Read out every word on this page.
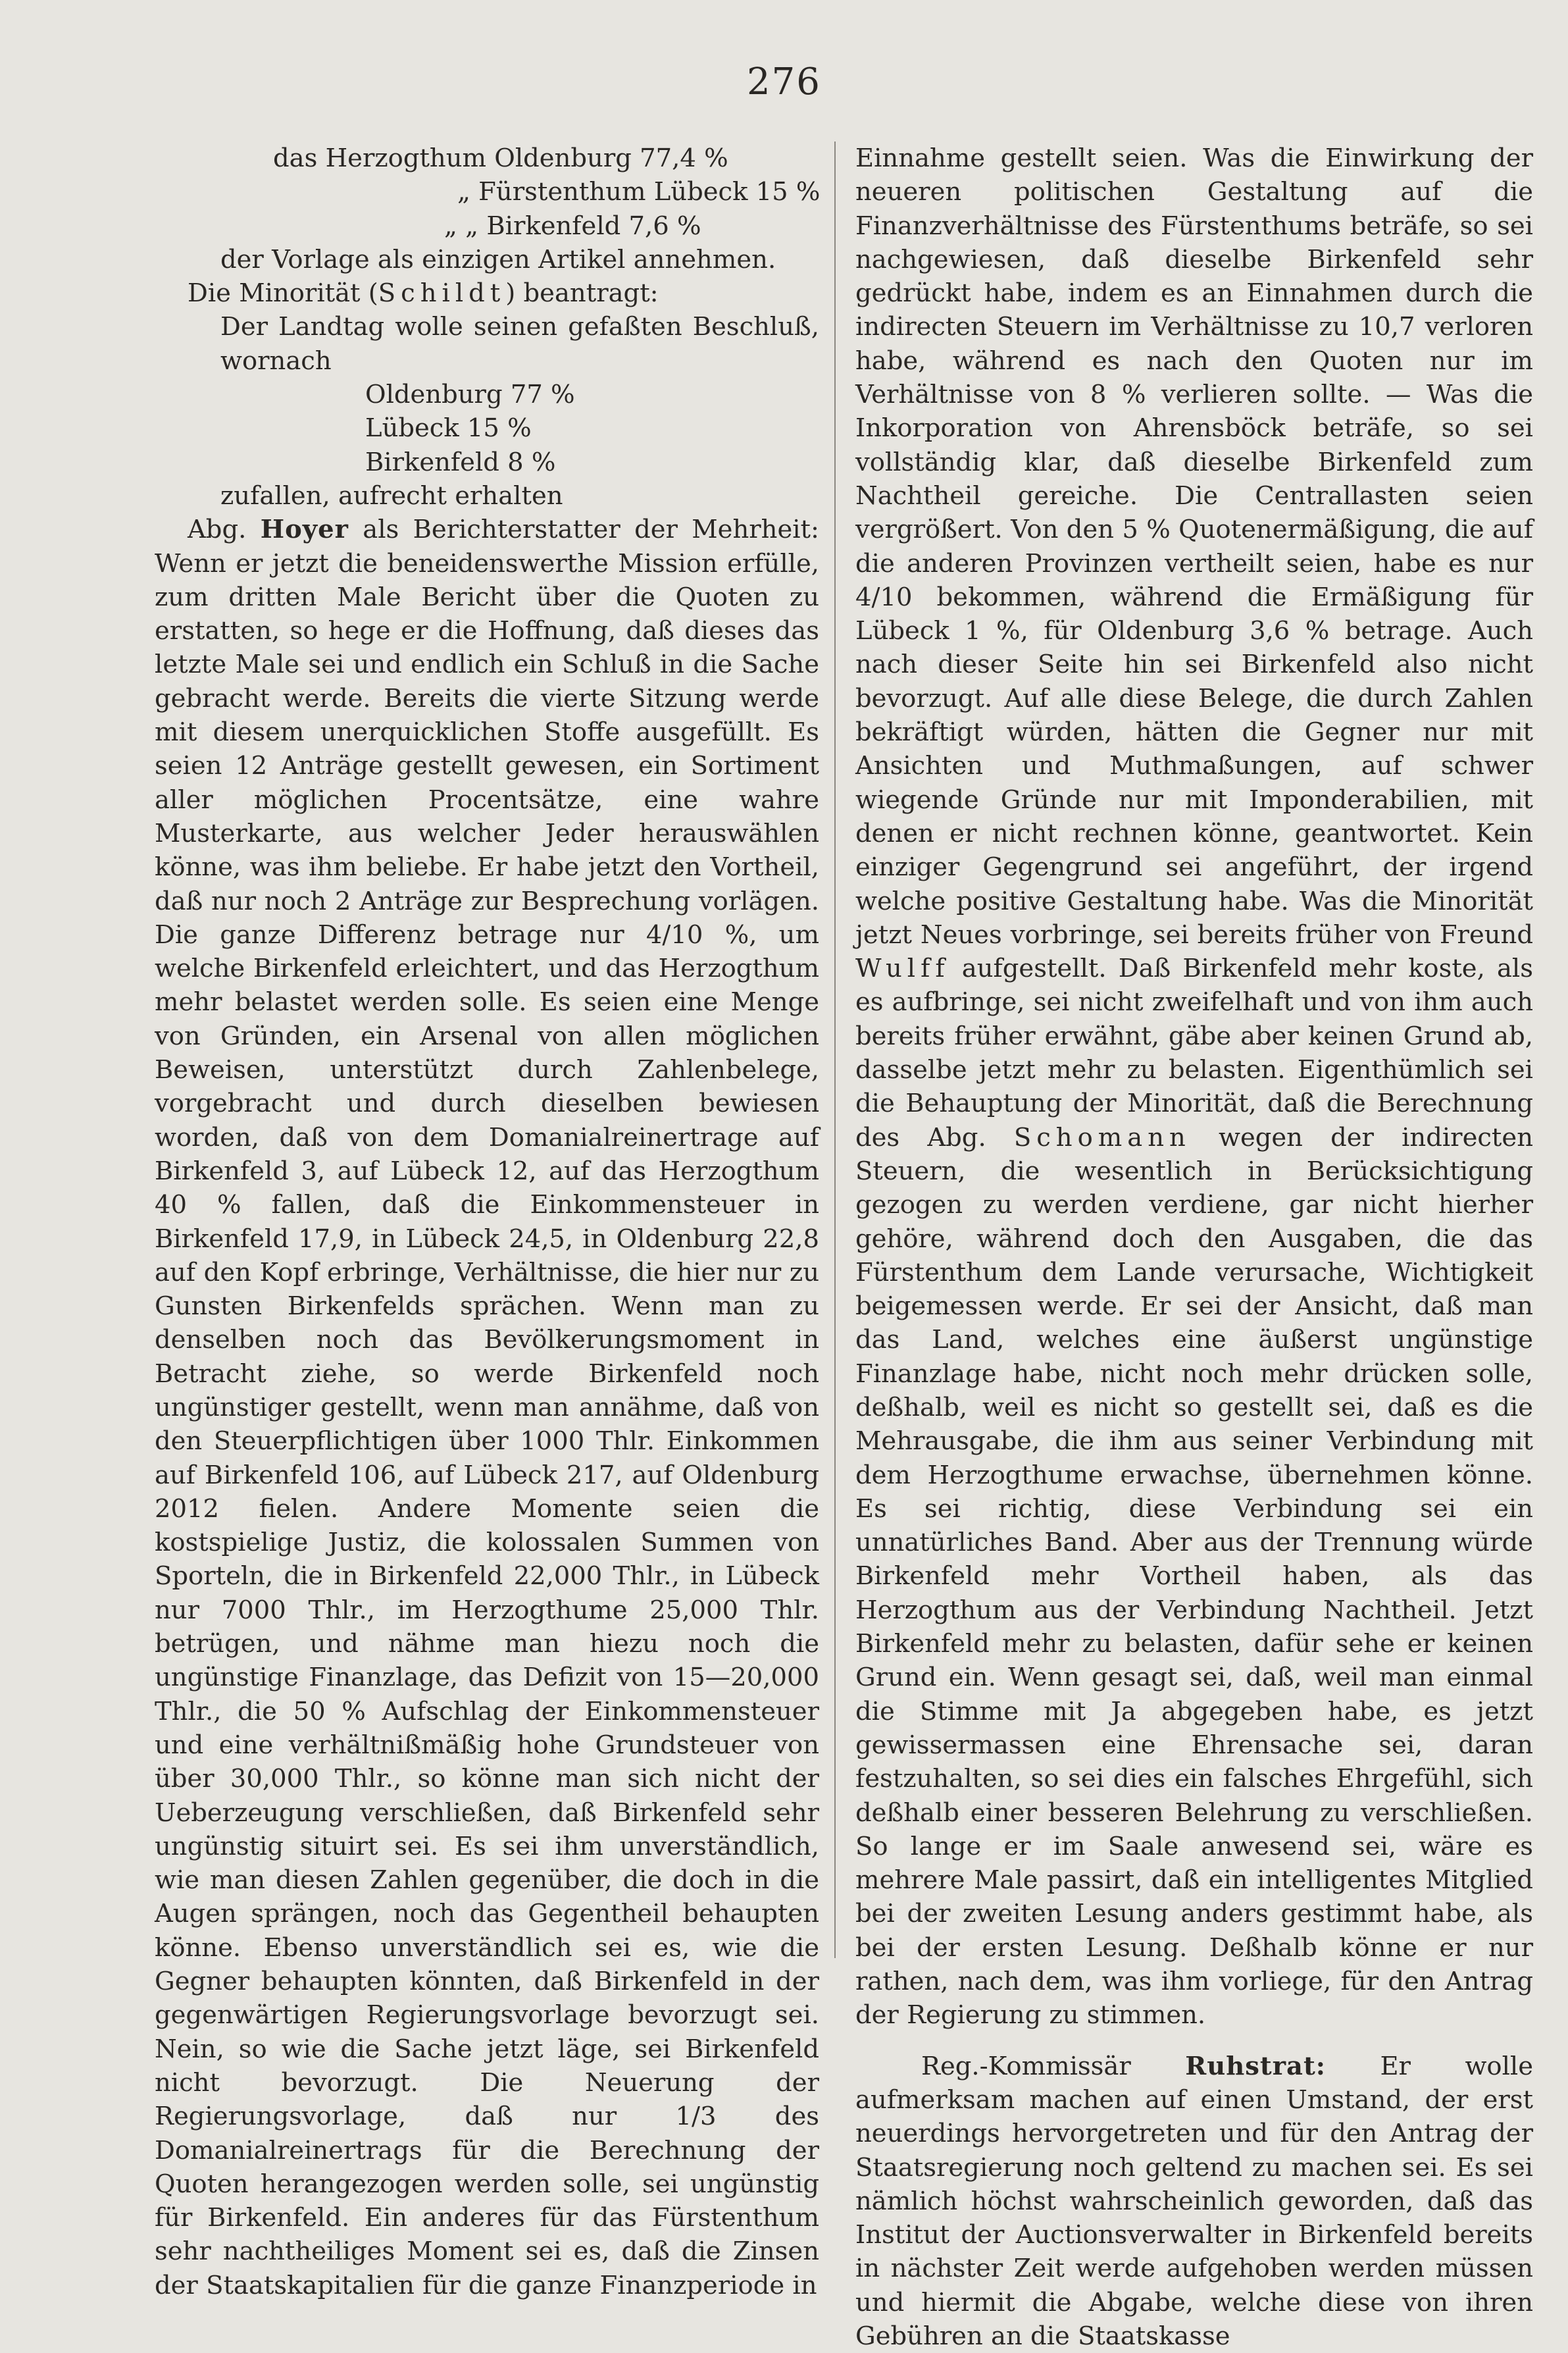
276
das Herzogthum Oldenburg 77,4 %
„ Fürstenthum Lübeck 15 %
„ „ Birkenfeld 7,6 %
der Vorlage als einzigen Artikel annehmen.
Die Minorität (Schildt) beantragt:
Der Landtag wolle seinen gefaßten Beschluß, wornach
Oldenburg 77 %
Lübeck 15 %
Birkenfeld 8 %
zufallen, aufrecht erhalten

Abg. Hoyer als Berichterstatter der Mehrheit: Wenn er jetzt die beneidenswerthe Mission erfülle, zum dritten Male Bericht über die Quoten zu erstatten, so hege er die Hoffnung, daß dieses das letzte Male sei und endlich ein Schluß in die Sache gebracht werde. Bereits die vierte Sitzung werde mit diesem unerquicklichen Stoffe ausgefüllt. Es seien 12 Anträge gestellt gewesen, ein Sortiment aller möglichen Procentsätze, eine wahre Musterkarte, aus welcher Jeder herauswählen könne, was ihm beliebe. Er habe jetzt den Vortheil, daß nur noch 2 Anträge zur Besprechung vorlägen. Die ganze Differenz betrage nur 4/10 %, um welche Birkenfeld erleichtert, und das Herzogthum mehr belastet werden solle. Es seien eine Menge von Gründen, ein Arsenal von allen möglichen Beweisen, unterstützt durch Zahlenbelege, vorgebracht und durch dieselben bewiesen worden, daß von dem Domanialreinertrage auf Birkenfeld 3, auf Lübeck 12, auf das Herzogthum 40 % fallen, daß die Einkommensteuer in Birkenfeld 17,9, in Lübeck 24,5, in Oldenburg 22,8 auf den Kopf erbringe, Verhältnisse, die hier nur zu Gunsten Birkenfelds sprächen. Wenn man zu denselben noch das Bevölkerungsmoment in Betracht ziehe, so werde Birkenfeld noch ungünstiger gestellt, wenn man annähme, daß von den Steuerpflichtigen über 1000 Thlr. Einkommen auf Birkenfeld 106, auf Lübeck 217, auf Oldenburg 2012 fielen. Andere Momente seien die kostspielige Justiz, die kolossalen Summen von Sporteln, die in Birkenfeld 22,000 Thlr., in Lübeck nur 7000 Thlr., im Herzogthume 25,000 Thlr. betrügen, und nähme man hiezu noch die ungünstige Finanzlage, das Defizit von 15—20,000 Thlr., die 50 % Aufschlag der Einkommensteuer und eine verhältnißmäßig hohe Grundsteuer von über 30,000 Thlr., so könne man sich nicht der Ueberzeugung verschließen, daß Birkenfeld sehr ungünstig situirt sei. Es sei ihm unverständlich, wie man diesen Zahlen gegenüber, die doch in die Augen sprängen, noch das Gegentheil behaupten könne. Ebenso unverständlich sei es, wie die Gegner behaupten könnten, daß Birkenfeld in der gegenwärtigen Regierungsvorlage bevorzugt sei. Nein, so wie die Sache jetzt läge, sei Birkenfeld nicht bevorzugt. Die Neuerung der Regierungsvorlage, daß nur 1/3 des Domanialreinertrags für die Berechnung der Quoten herangezogen werden solle, sei ungünstig für Birkenfeld. Ein anderes für das Fürstenthum sehr nachtheiliges Moment sei es, daß die Zinsen der Staatskapitalien für die ganze Finanzperiode in

Einnahme gestellt seien. Was die Einwirkung der neueren politischen Gestaltung auf die Finanzverhältnisse des Fürstenthums beträfe, so sei nachgewiesen, daß dieselbe Birkenfeld sehr gedrückt habe, indem es an Einnahmen durch die indirecten Steuern im Verhältnisse zu 10,7 verloren habe, während es nach den Quoten nur im Verhältnisse von 8 % verlieren sollte. — Was die Inkorporation von Ahrensböck beträfe, so sei vollständig klar, daß dieselbe Birkenfeld zum Nachtheil gereiche. Die Centrallasten seien vergrößert. Von den 5 % Quotenermäßigung, die auf die anderen Provinzen vertheilt seien, habe es nur 4/10 bekommen, während die Ermäßigung für Lübeck 1 %, für Oldenburg 3,6 % betrage. Auch nach dieser Seite hin sei Birkenfeld also nicht bevorzugt. Auf alle diese Belege, die durch Zahlen bekräftigt würden, hätten die Gegner nur mit Ansichten und Muthmaßungen, auf schwer wiegende Gründe nur mit Imponderabilien, mit denen er nicht rechnen könne, geantwortet. Kein einziger Gegengrund sei angeführt, der irgend welche positive Gestaltung habe. Was die Minorität jetzt Neues vorbringe, sei bereits früher von Freund Wulff aufgestellt. Daß Birkenfeld mehr koste, als es aufbringe, sei nicht zweifelhaft und von ihm auch bereits früher erwähnt, gäbe aber keinen Grund ab, dasselbe jetzt mehr zu belasten. Eigenthümlich sei die Behauptung der Minorität, daß die Berechnung des Abg. Schomann wegen der indirecten Steuern, die wesentlich in Berücksichtigung gezogen zu werden verdiene, gar nicht hierher gehöre, während doch den Ausgaben, die das Fürstenthum dem Lande verursache, Wichtigkeit beigemessen werde. Er sei der Ansicht, daß man das Land, welches eine äußerst ungünstige Finanzlage habe, nicht noch mehr drücken solle, deßhalb, weil es nicht so gestellt sei, daß es die Mehrausgabe, die ihm aus seiner Verbindung mit dem Herzogthume erwachse, übernehmen könne. Es sei richtig, diese Verbindung sei ein unnatürliches Band. Aber aus der Trennung würde Birkenfeld mehr Vortheil haben, als das Herzogthum aus der Verbindung Nachtheil. Jetzt Birkenfeld mehr zu belasten, dafür sehe er keinen Grund ein. Wenn gesagt sei, daß, weil man einmal die Stimme mit Ja abgegeben habe, es jetzt gewissermassen eine Ehrensache sei, daran festzuhalten, so sei dies ein falsches Ehrgefühl, sich deßhalb einer besseren Belehrung zu verschließen. So lange er im Saale anwesend sei, wäre es mehrere Male passirt, daß ein intelligentes Mitglied bei der zweiten Lesung anders gestimmt habe, als bei der ersten Lesung. Deßhalb könne er nur rathen, nach dem, was ihm vorliege, für den Antrag der Regierung zu stimmen.

Reg.-Kommissär Ruhstrat: Er wolle aufmerksam machen auf einen Umstand, der erst neuerdings hervorgetreten und für den Antrag der Staatsregierung noch geltend zu machen sei. Es sei nämlich höchst wahrscheinlich geworden, daß das Institut der Auctionsverwalter in Birkenfeld bereits in nächster Zeit werde aufgehoben werden müssen und hiermit die Abgabe, welche diese von ihren Gebühren an die Staatskasse
